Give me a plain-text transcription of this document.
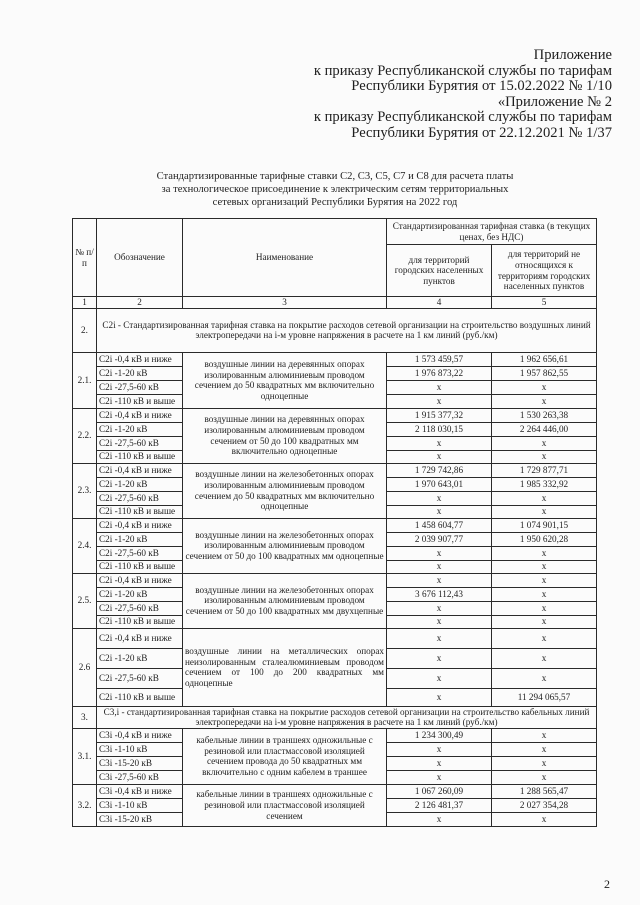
Приложение
к приказу Республиканской службы по тарифам
Республики Бурятия от 15.02.2022 № 1/10
«Приложение № 2
к приказу Республиканской службы по тарифам
Республики Бурятия от 22.12.2021 № 1/37
Стандартизированные тарифные ставки С2, С3, С5, С7 и С8 для расчета платы
за технологическое присоединение к электрическим сетям территориальных
сетевых организаций Республики Бурятия на 2022 год
№ п/п	Обозначение	Наименование	Стандартизированная тарифная ставка (в текущих ценах, без НДС)	
			для территорий городских населенных пунктов	для территорий не относящихся к территориям городских населенных пунктов
1	2	3	4	5
2.	C2i - Стандартизированная тарифная ставка на покрытие расходов сетевой организации на строительство воздушных линий электропередачи на i-м уровне напряжения в расчете на 1 км линий (руб./км)			
2.1.	C2i -0,4 кВ и ниже	воздушные линии на деревянных опорах изолированным алюминиевым проводом сечением до 50 квадратных мм включительно одноцепные	1 573 459,57	1 962 656,61
	C2i -1-20 кВ		1 976 873,22	1 957 862,55
	C2i -27,5-60 кВ		x	x
	C2i -110 кВ и выше		x	x
2.2.	C2i -0,4 кВ и ниже	воздушные линии на деревянных опорах изолированным алюминиевым проводом сечением от 50 до 100 квадратных мм включительно одноцепные	1 915 377,32	1 530 263,38
	C2i -1-20 кВ		2 118 030,15	2 264 446,00
	C2i -27,5-60 кВ		x	x
	C2i -110 кВ и выше		x	x
2.3.	C2i -0,4 кВ и ниже	воздушные линии на железобетонных опорах изолированным алюминиевым проводом сечением до 50 квадратных мм включительно одноцепные	1 729 742,86	1 729 877,71
	C2i -1-20 кВ		1 970 643,01	1 985 332,92
	C2i -27,5-60 кВ		x	x
	C2i -110 кВ и выше		x	x
2.4.	C2i -0,4 кВ и ниже	воздушные линии на железобетонных опорах изолированным алюминиевым проводом сечением от 50 до 100 квадратных мм одноцепные	1 458 604,77	1 074 901,15
	C2i -1-20 кВ		2 039 907,77	1 950 620,28
	C2i -27,5-60 кВ		x	x
	C2i -110 кВ и выше		x	x
2.5.	C2i -0,4 кВ и ниже	воздушные линии на железобетонных опорах изолированным алюминиевым проводом сечением от 50 до 100 квадратных мм двухцепные	x	x
	C2i -1-20 кВ		3 676 112,43	x
	C2i -27,5-60 кВ		x	x
	C2i -110 кВ и выше		x	x
2.6	C2i -0,4 кВ и ниже	воздушные линии на металлических опорах неизолированным сталеалюминиевым проводом сечением от 100 до 200 квадратных мм одноцепные	x	x
	C2i -1-20 кВ		x	x
	C2i -27,5-60 кВ		x	x
	C2i -110 кВ и выше		x	11 294 065,57
3.	C3,i - стандартизированная тарифная ставка на покрытие расходов сетевой организации на строительство кабельных линий электропередачи на i-м уровне напряжения в расчете на 1 км линий (руб./км)			
3.1.	C3i -0,4 кВ и ниже	кабельные линии в траншеях одножильные с резиновой или пластмассовой изоляцией сечением провода до 50 квадратных мм включительно с одним кабелем в траншее	1 234 300,49	x
	C3i -1-10 кВ		x	x
	C3i -15-20 кВ		x	x
	C3i -27,5-60 кВ		x	x
3.2.	C3i -0,4 кВ и ниже	кабельные линии в траншеях одножильные с резиновой или пластмассовой изоляцией сечением	1 067 260,09	1 288 565,47
	C3i -1-10 кВ		2 126 481,37	2 027 354,28
	C3i -15-20 кВ		x	x
2
